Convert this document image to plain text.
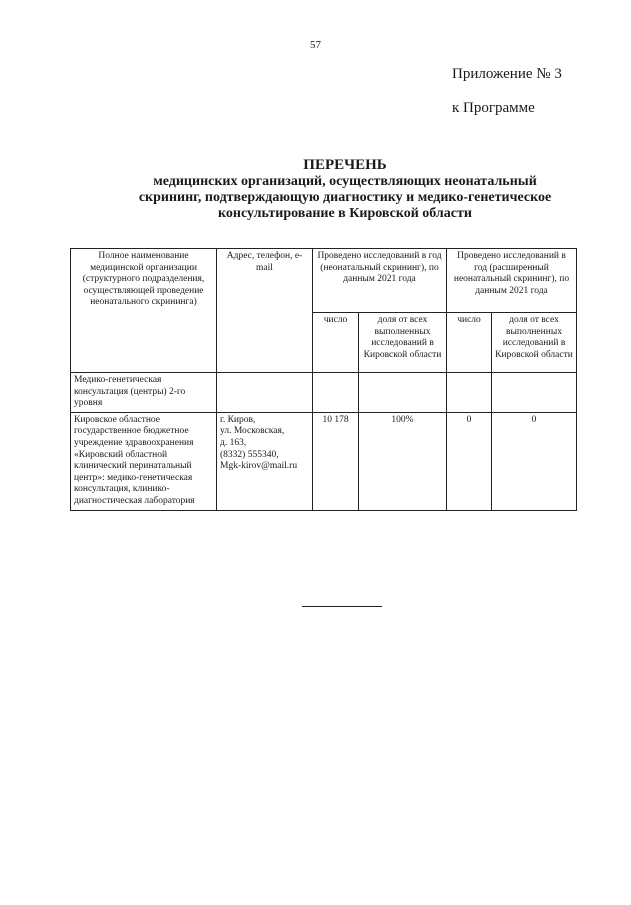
57
Приложение № 3
к Программе
ПЕРЕЧЕНЬ
медицинских организаций, осуществляющих неонатальный
скрининг, подтверждающую диагностику и медико-генетическое
консультирование в Кировской области
Полное наименование медицинской организации (структурного подразделения, осуществляющей проведение неонатального скрининга)	Адрес, телефон, e-mail	Проведено исследований в год (неонатальный скрининг), по данным 2021 года		Проведено исследований в год (расширенный неонатальный скрининг), по данным 2021 года	
		число	доля от всех выполненных исследований в Кировской области	число	доля от всех выполненных исследований в Кировской области
Медико-генетическая консультация (центры) 2-го уровня					
Кировское областное государственное бюджетное учреждение здравоохранения «Кировский областной клинический перинатальный центр»: медико-генетическая консультация, клинико-диагностическая лаборатория	г. Киров,
ул. Московская,
д. 163,
(8332) 555340,
Mgk-kirov@mail.ru	10 178	100%	0	0
